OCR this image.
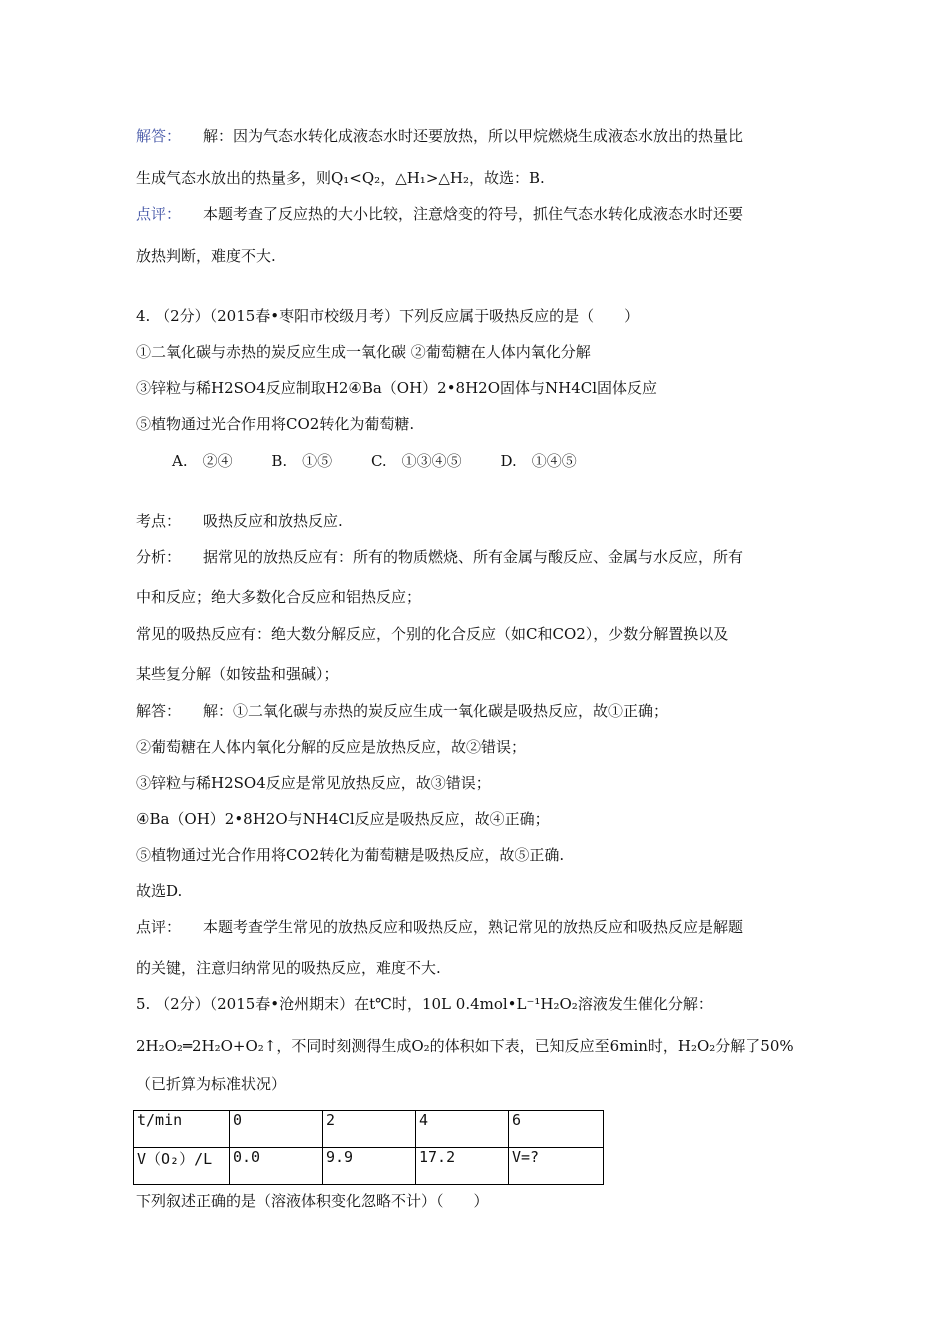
解答： 解：因为气态水转化成液态水时还要放热，所以甲烷燃烧生成液态水放出的热量比
生成气态水放出的热量多，则Q₁<Q₂，△H₁>△H₂，故选：B.
点评： 本题考查了反应热的大小比较，注意焓变的符号，抓住气态水转化成液态水时还要
放热判断，难度不大.
4. （2分）（2015春•枣阳市校级月考）下列反应属于吸热反应的是（　　）
①二氧化碳与赤热的炭反应生成一氧化碳 ②葡萄糖在人体内氧化分解
③锌粒与稀H2SO4反应制取H2④Ba（OH）2•8H2O固体与NH4Cl固体反应
⑤植物通过光合作用将CO2转化为葡萄糖.
A.　②④	B.　①⑤	C.　①③④⑤	D.　①④⑤
考点： 吸热反应和放热反应.
分析： 据常见的放热反应有：所有的物质燃烧、所有金属与酸反应、金属与水反应，所有
中和反应；绝大多数化合反应和铝热反应；
常见的吸热反应有：绝大数分解反应，个别的化合反应（如C和CO2），少数分解置换以及
某些复分解（如铵盐和强碱）；
解答： 解：①二氧化碳与赤热的炭反应生成一氧化碳是吸热反应，故①正确；
②葡萄糖在人体内氧化分解的反应是放热反应，故②错误；
③锌粒与稀H2SO4反应是常见放热反应，故③错误；
④Ba（OH）2•8H2O与NH4Cl反应是吸热反应，故④正确；
⑤植物通过光合作用将CO2转化为葡萄糖是吸热反应，故⑤正确.
故选D.
点评： 本题考查学生常见的放热反应和吸热反应，熟记常见的放热反应和吸热反应是解题
的关键，注意归纳常见的吸热反应，难度不大.
5. （2分）（2015春•沧州期末）在t℃时，10L 0.4mol•L⁻¹H₂O₂溶液发生催化分解：
2H₂O₂═2H₂O+O₂↑，不同时刻测得生成O₂的体积如下表，已知反应至6min时，H₂O₂分解了50%
（已折算为标准状况）
t/min	0	2	4	6
V（O₂）/L	0.0	9.9	17.2	V=?
下列叙述正确的是（溶液体积变化忽略不计）（　　）
